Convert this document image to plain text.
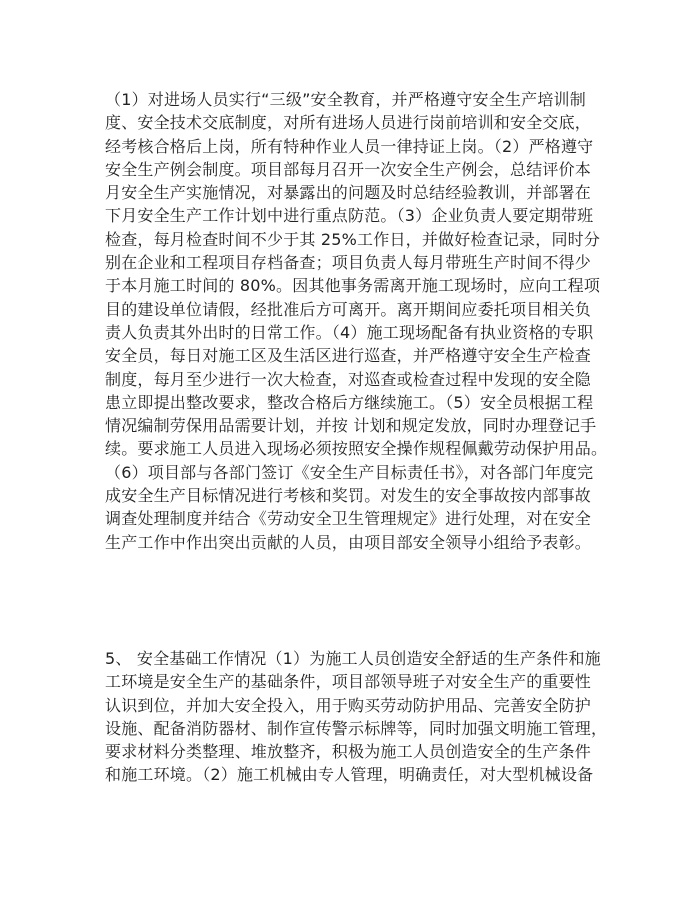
（1）对进场人员实行“三级”安全教育，并严格遵守安全生产培训制
度、安全技术交底制度，对所有进场人员进行岗前培训和安全交底，
经考核合格后上岗，所有特种作业人员一律持证上岗。（2）严格遵守
安全生产例会制度。项目部每月召开一次安全生产例会，总结评价本
月安全生产实施情况，对暴露出的问题及时总结经验教训，并部署在
下月安全生产工作计划中进行重点防范。（3）企业负责人要定期带班
检查，每月检查时间不少于其 25%工作日，并做好检查记录，同时分
别在企业和工程项目存档备查；项目负责人每月带班生产时间不得少
于本月施工时间的 80%。因其他事务需离开施工现场时，应向工程项
目的建设单位请假，经批准后方可离开。离开期间应委托项目相关负
责人负责其外出时的日常工作。（4）施工现场配备有执业资格的专职
安全员，每日对施工区及生活区进行巡查，并严格遵守安全生产检查
制度，每月至少进行一次大检查，对巡查或检查过程中发现的安全隐
患立即提出整改要求，整改合格后方继续施工。（5）安全员根据工程
情况编制劳保用品需要计划，并按 计划和规定发放，同时办理登记手
续。要求施工人员进入现场必须按照安全操作规程佩戴劳动保护用品。
（6）项目部与各部门签订《安全生产目标责任书》，对各部门年度完
成安全生产目标情况进行考核和奖罚。对发生的安全事故按内部事故
调查处理制度并结合《劳动安全卫生管理规定》进行处理，对在安全
生产工作中作出突出贡献的人员，由项目部安全领导小组给予表彰。
5、 安全基础工作情况（1）为施工人员创造安全舒适的生产条件和施
工环境是安全生产的基础条件，项目部领导班子对安全生产的重要性
认识到位，并加大安全投入，用于购买劳动防护用品、完善安全防护
设施、配备消防器材、制作宣传警示标牌等，同时加强文明施工管理，
要求材料分类整理、堆放整齐，积极为施工人员创造安全的生产条件
和施工环境。（2）施工机械由专人管理，明确责任，对大型机械设备
